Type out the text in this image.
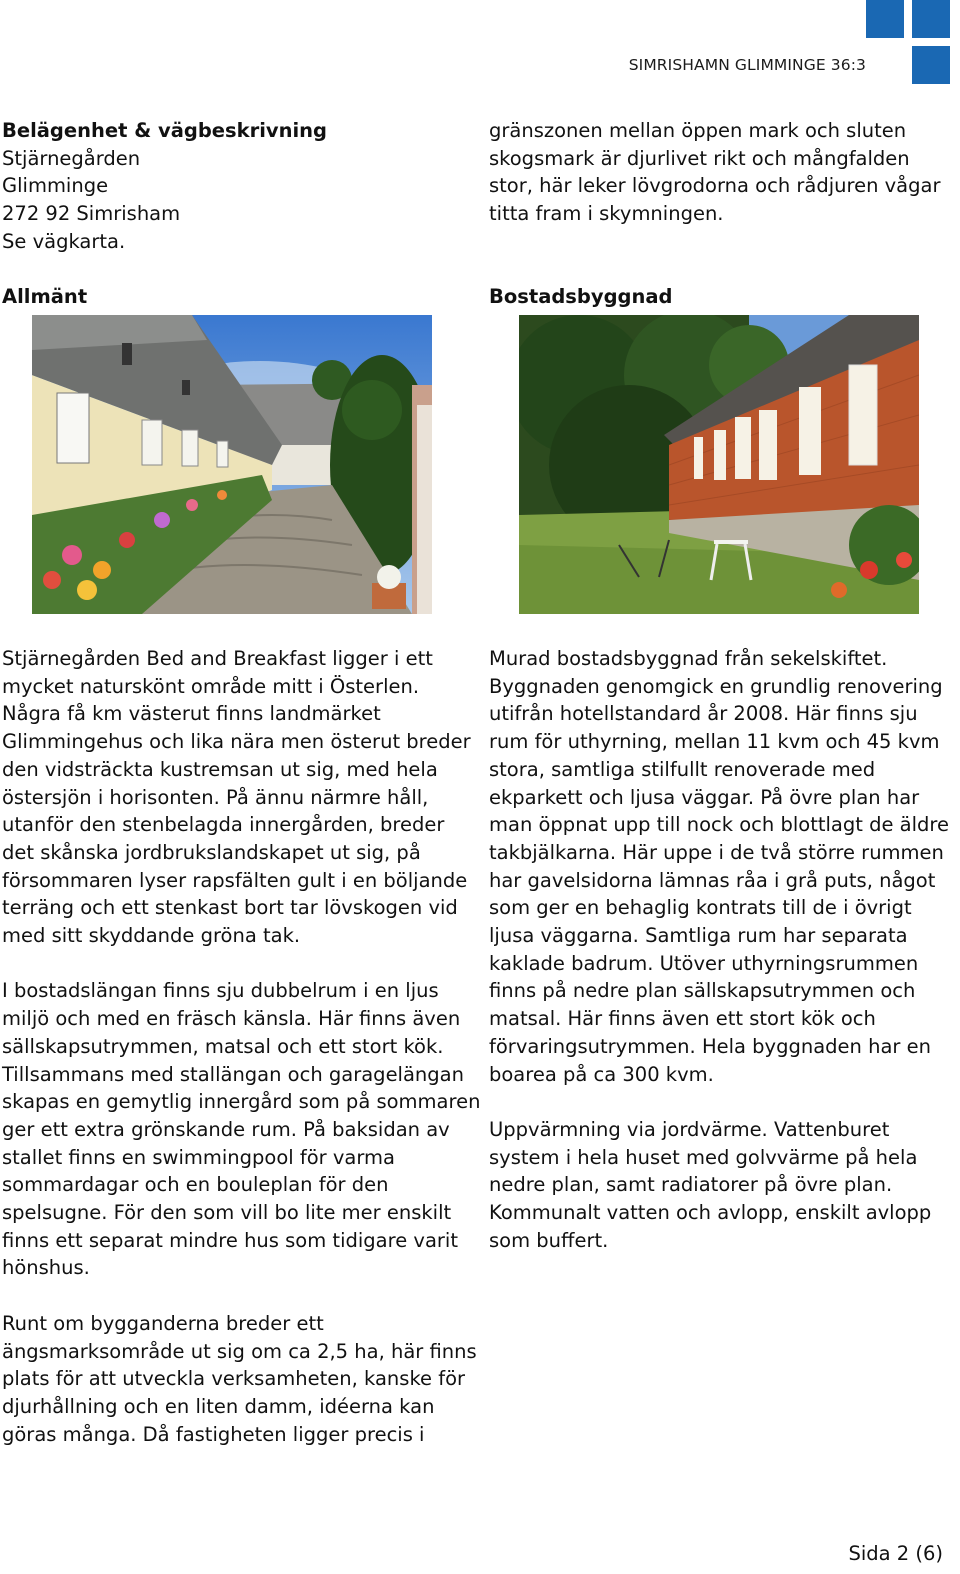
SIMRISHAMN GLIMMINGE 36:3

Belägenhet & vägbeskrivning

Stjärnegården

Glimminge

272 92 Simrisham

Se vägkarta.

gränszonen mellan öppen mark och sluten skogsmark är djurlivet rikt och mångfalden stor, här leker lövgrodorna och rådjuren vågar titta fram i skymningen.

Allmänt	Bostadsbyggnad

Stjärnegården Bed and Breakfast ligger i ett mycket naturskönt område mitt i Österlen. Några få km västerut finns landmärket Glimmingehus och lika nära men österut breder den vidsträckta kustremsan ut sig, med hela östersjön i horisonten. På ännu närmre håll, utanför den stenbelagda innergården, breder det skånska jordbrukslandskapet ut sig, på försommaren lyser rapsfälten gult i en böljande terräng och ett stenkast bort tar lövskogen vid med sitt skyddande gröna tak.

I bostadslängan finns sju dubbelrum i en ljus miljö och med en fräsch känsla. Här finns även sällskapsutrymmen, matsal och ett stort kök. Tillsammans med stallängan och garagelängan skapas en gemytlig innergård som på sommaren ger ett extra grönskande rum. På baksidan av stallet finns en swimmingpool för varma sommardagar och en bouleplan för den spelsugne. För den som vill bo lite mer enskilt finns ett separat mindre hus som tidigare varit hönshus.

Runt om bygganderna breder ett ängsmarksområde ut sig om ca 2,5 ha, här finns plats för att utveckla verksamheten, kanske för djurhållning och en liten damm, idéerna kan göras många. Då fastigheten ligger precis i

Murad bostadsbyggnad från sekelskiftet. Byggnaden genomgick en grundlig renovering utifrån hotellstandard år 2008. Här finns sju rum för uthyrning, mellan 11 kvm och 45 kvm stora, samtliga stilfullt renoverade med ekparkett och ljusa väggar. På övre plan har man öppnat upp till nock och blottlagt de äldre takbjälkarna. Här uppe i de två större rummen har gavelsidorna lämnas råa i grå puts, något som ger en behaglig kontrats till de i övrigt ljusa väggarna. Samtliga rum har separata kaklade badrum. Utöver uthyrningsrummen finns på nedre plan sällskapsutrymmen och matsal. Här finns även ett stort kök och förvaringsutrymmen. Hela byggnaden har en boarea på ca 300 kvm.

Uppvärmning via jordvärme. Vattenburet system i hela huset med golvvärme på hela nedre plan, samt radiatorer på övre plan. Kommunalt vatten och avlopp, enskilt avlopp som buffert.

Sida 2 (6)
